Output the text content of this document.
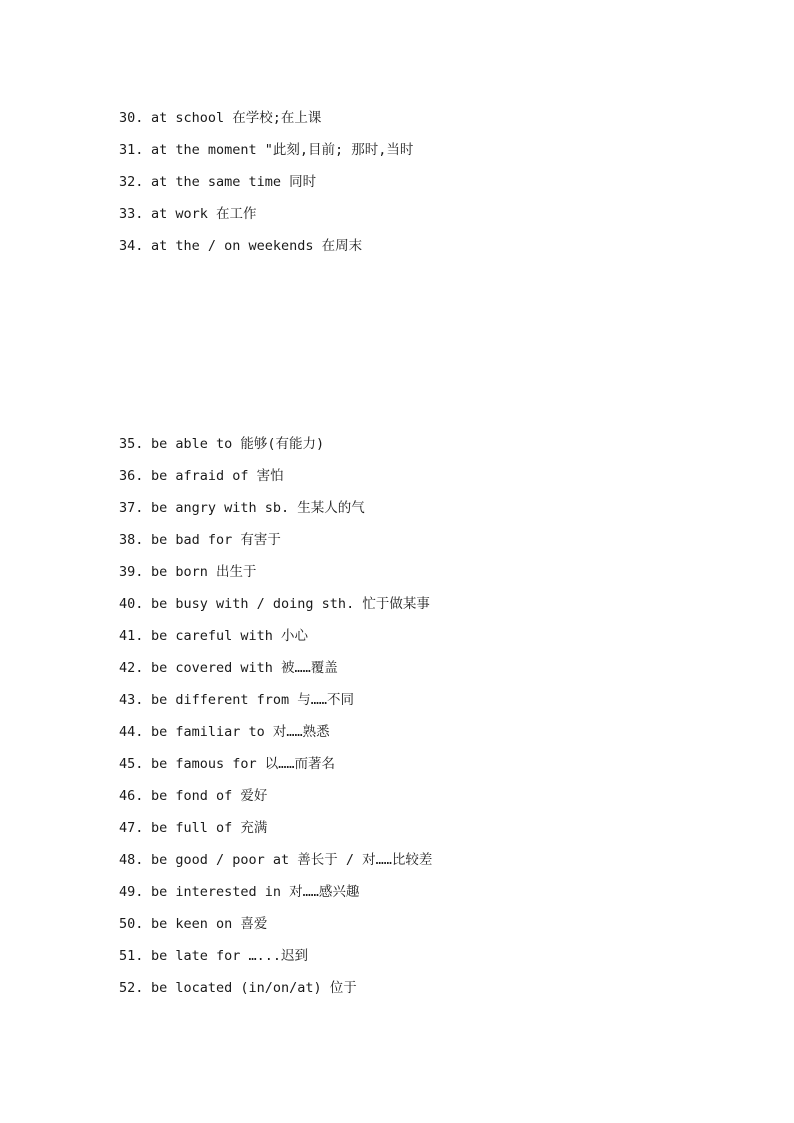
30. at school 在学校;在上课
31. at the moment "此刻,目前; 那时,当时
32. at the same time 同时
33. at work 在工作
34. at the / on weekends 在周末
35. be able to 能够(有能力)
36. be afraid of 害怕
37. be angry with sb. 生某人的气
38. be bad for 有害于
39. be born 出生于
40. be busy with / doing sth. 忙于做某事
41. be careful with 小心
42. be covered with 被……覆盖
43. be different from 与……不同
44. be familiar to 对……熟悉
45. be famous for 以……而著名
46. be fond of 爱好
47. be full of 充满
48. be good / poor at 善长于 / 对……比较差
49. be interested in 对……感兴趣
50. be keen on 喜爱
51. be late for …...迟到
52. be located (in/on/at) 位于
